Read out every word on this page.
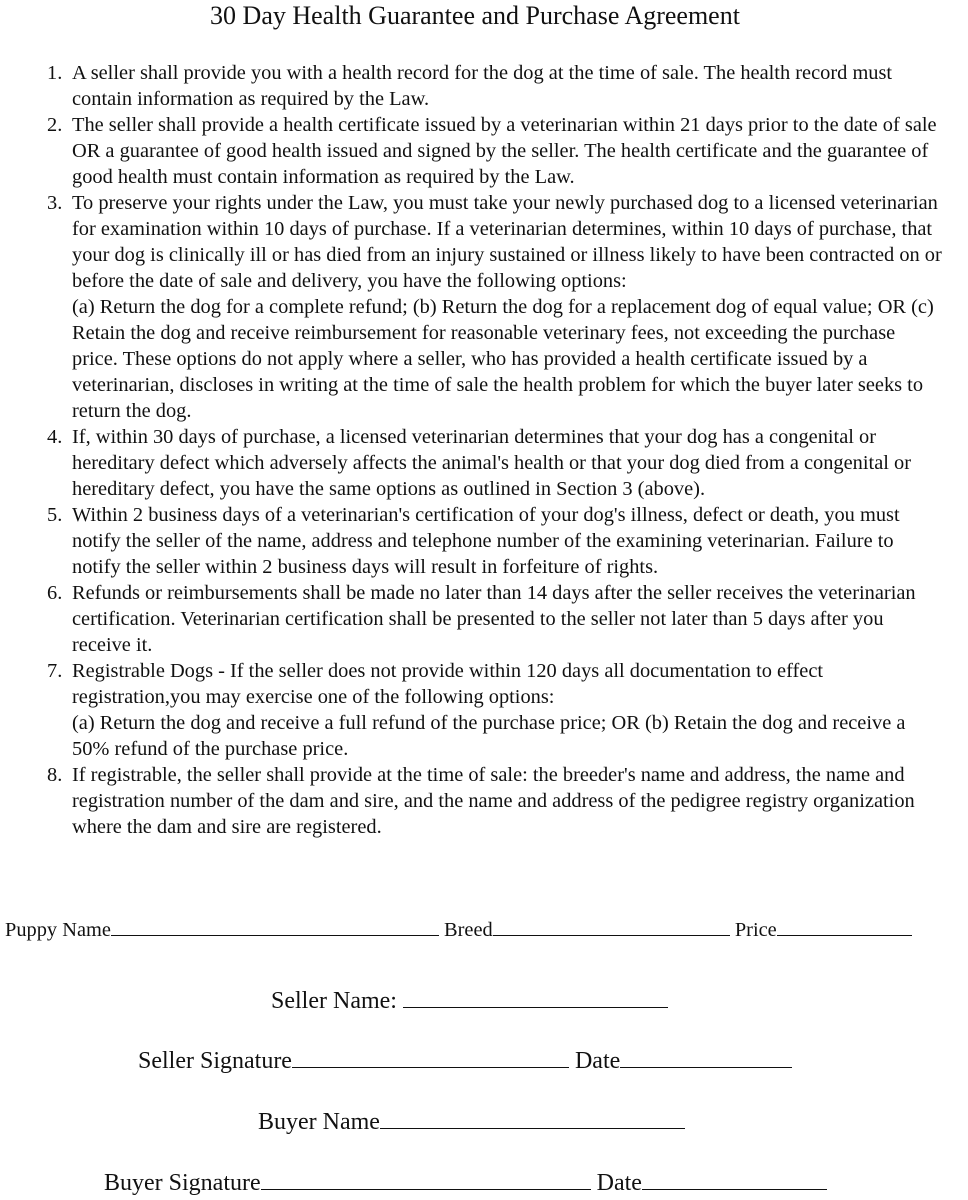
30 Day Health Guarantee and Purchase Agreement
1. A seller shall provide you with a health record for the dog at the time of sale. The health record must contain information as required by the Law.

2. The seller shall provide a health certificate issued by a veterinarian within 21 days prior to the date of sale OR a guarantee of good health issued and signed by the seller. The health certificate and the guarantee of good health must contain information as required by the Law.

3. To preserve your rights under the Law, you must take your newly purchased dog to a licensed veterinarian for examination within 10 days of purchase. If a veterinarian determines, within 10 days of purchase, that your dog is clinically ill or has died from an injury sustained or illness likely to have been contracted on or before the date of sale and delivery, you have the following options:

(a) Return the dog for a complete refund; (b) Return the dog for a replacement dog of equal value; OR (c) Retain the dog and receive reimbursement for reasonable veterinary fees, not exceeding the purchase price. These options do not apply where a seller, who has provided a health certificate issued by a veterinarian, discloses in writing at the time of sale the health problem for which the buyer later seeks to return the dog.

4. If, within 30 days of purchase, a licensed veterinarian determines that your dog has a congenital or hereditary defect which adversely affects the animal's health or that your dog died from a congenital or hereditary defect, you have the same options as outlined in Section 3 (above).

5. Within 2 business days of a veterinarian's certification of your dog's illness, defect or death, you must notify the seller of the name, address and telephone number of the examining veterinarian. Failure to notify the seller within 2 business days will result in forfeiture of rights.

6. Refunds or reimbursements shall be made no later than 14 days after the seller receives the veterinarian certification. Veterinarian certification shall be presented to the seller not later than 5 days after you receive it.

7. Registrable Dogs - If the seller does not provide within 120 days all documentation to effect registration,you may exercise one of the following options:

(a) Return the dog and receive a full refund of the purchase price; OR (b) Retain the dog and receive a 50% refund of the purchase price.

8. If registrable, the seller shall provide at the time of sale: the breeder's name and address, the name and registration number of the dam and sire, and the name and address of the pedigree registry organization where the dam and sire are registered.

Puppy Name	Breed	Price
Seller Name:
Seller Signature	Date
Buyer Name
Buyer Signature	Date
